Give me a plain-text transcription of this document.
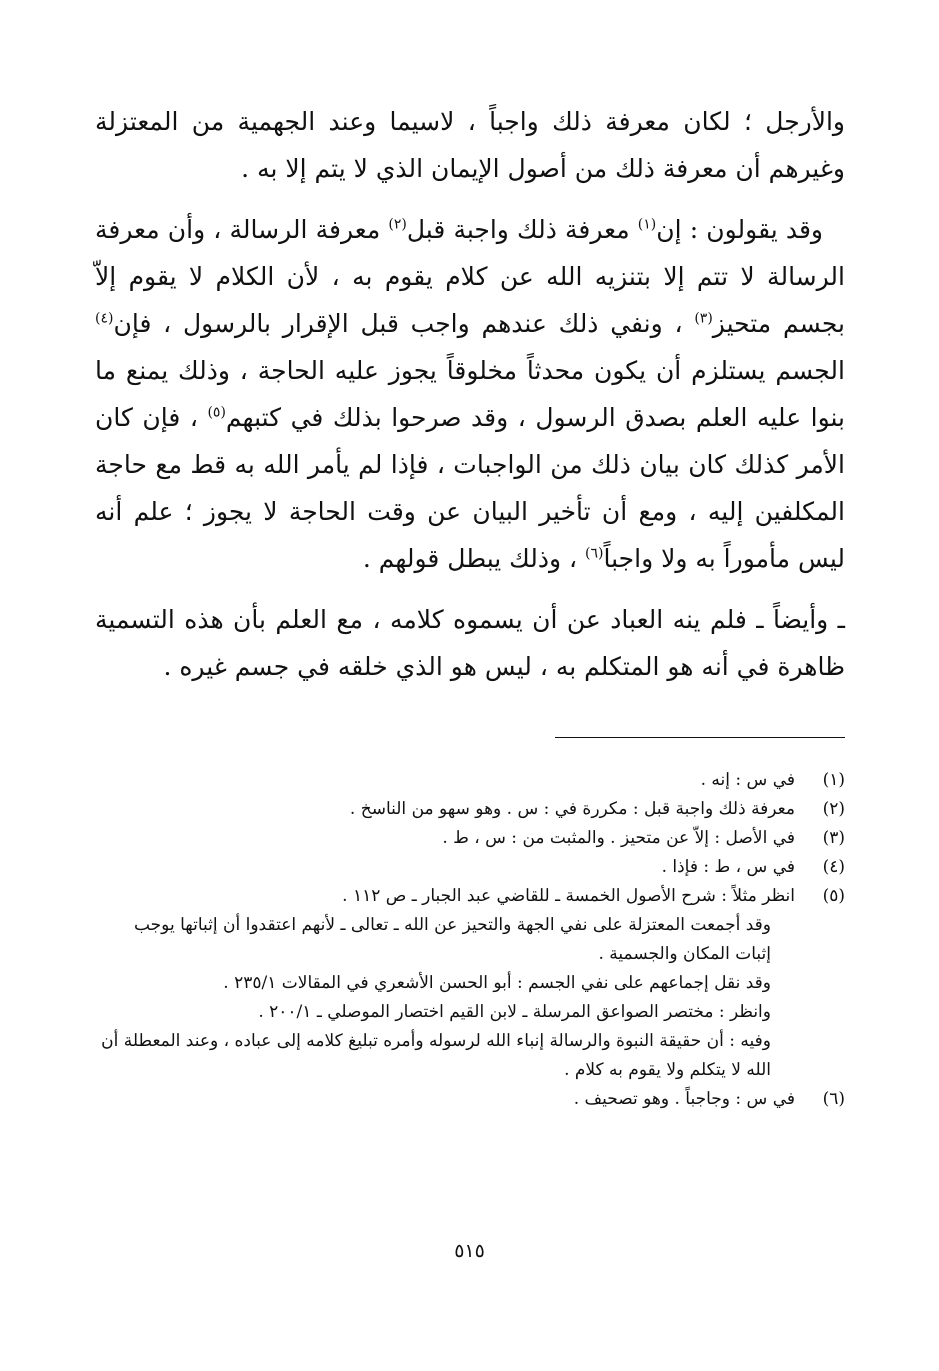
والأرجل ؛ لكان معرفة ذلك واجباً ، لاسيما وعند الجهمية من المعتزلة وغيرهم أن معرفة ذلك من أصول الإيمان الذي لا يتم إلا به .

وقد يقولون : إن$^{(١)}$ معرفة ذلك واجبة قبل$^{(٢)}$ معرفة الرسالة ، وأن معرفة الرسالة لا تتم إلا بتنزيه الله عن كلام يقوم به ، لأن الكلام لا يقوم إلاّ بجسم متحيز$^{(٣)}$ ، ونفي ذلك عندهم واجب قبل الإقرار بالرسول ، فإن$^{(٤)}$ الجسم يستلزم أن يكون محدثاً مخلوقاً يجوز عليه الحاجة ، وذلك يمنع ما بنوا عليه العلم بصدق الرسول ، وقد صرحوا بذلك في كتبهم$^{(٥)}$ ، فإن كان الأمر كذلك كان بيان ذلك من الواجبات ، فإذا لم يأمر الله به قط مع حاجة المكلفين إليه ، ومع أن تأخير البيان عن وقت الحاجة لا يجوز ؛ علم أنه ليس مأموراً به ولا واجباً$^{(٦)}$ ، وذلك يبطل قولهم .

ـ وأيضاً ـ فلم ينه العباد عن أن يسموه كلامه ، مع العلم بأن هذه التسمية ظاهرة في أنه هو المتكلم به ، ليس هو الذي خلقه في جسم غيره .

(١)
في س : إنه .
(٢)
معرفة ذلك واجبة قبل : مكررة في : س . وهو سهو من الناسخ .
(٣)
في الأصل : إلاّ عن متحيز . والمثبت من : س ، ط .
(٤)
في س ، ط : فإذا .
(٥)
انظر مثلاً : شرح الأصول الخمسة ـ للقاضي عبد الجبار ـ ص ١١٢ .
وقد أجمعت المعتزلة على نفي الجهة والتحيز عن الله ـ تعالى ـ لأنهم اعتقدوا أن إثباتها يوجب إثبات المكان والجسمية .
وقد نقل إجماعهم على نفي الجسم : أبو الحسن الأشعري في المقالات ٢٣٥/١ .
وانظر : مختصر الصواعق المرسلة ـ لابن القيم اختصار الموصلي ـ ٢٠٠/١ .
وفيه : أن حقيقة النبوة والرسالة إنباء الله لرسوله وأمره تبليغ كلامه إلى عباده ، وعند المعطلة أن الله لا يتكلم ولا يقوم به كلام .
(٦)
في س : وجاجباً . وهو تصحيف .
٥١٥
